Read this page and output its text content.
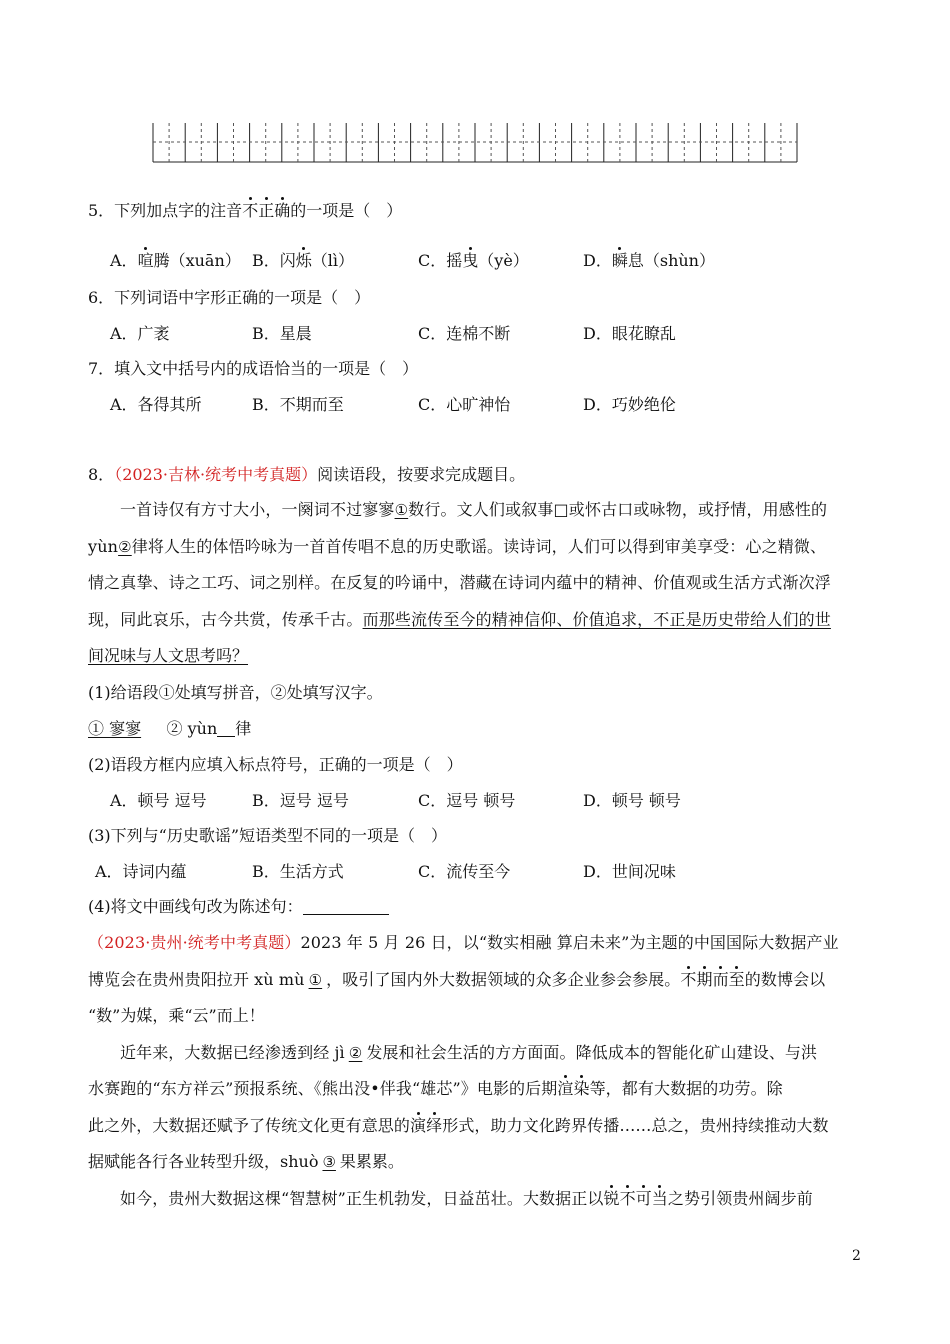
5．下列加点字的注音不正确的一项是（　）
A．喧腾（xuān） B．闪烁（lì）	C．摇曳（yè）	D．瞬息（shùn）
6．下列词语中字形正确的一项是（　）
A．广袤	B．星晨	C．连棉不断	D．眼花瞭乱
7．填入文中括号内的成语恰当的一项是（　）
A．各得其所	B．不期而至	C．心旷神怡	D．巧妙绝伦
8．（2023·吉林·统考中考真题）阅读语段，按要求完成题目。
一首诗仅有方寸大小，一阕词不过寥寥①数行。文人们或叙事□或怀古口或咏物，或抒情，用感性的
yùn②律将人生的体悟吟咏为一首首传唱不息的历史歌谣。读诗词，人们可以得到审美享受：心之精微、
情之真挚、诗之工巧、词之别样。在反复的吟诵中，潜藏在诗词内蕴中的精神、价值观或生活方式渐次浮
现，同此哀乐，古今共赏，传承千古。而那些流传至今的精神信仰、价值追求，不正是历史带给人们的世
间况味与人文思考吗？
(1)给语段①处填写拼音，②处填写汉字。
① 寥寥 ② yùn 律
(2)语段方框内应填入标点符号，正确的一项是（　）
A．顿号 逗号	B．逗号 逗号	C．逗号 顿号	D．顿号 顿号
(3)下列与“历史歌谣”短语类型不同的一项是（　）
A．诗词内蕴	B．生活方式	C．流传至今	D．世间况味
(4)将文中画线句改为陈述句：
（2023·贵州·统考中考真题）2023 年 5 月 26 日，以“数实相融 算启未来”为主题的中国国际大数据产业
博览会在贵州贵阳拉开 xù mù ① ，吸引了国内外大数据领域的众多企业参会参展。不期而至的数博会以
“数”为媒，乘“云”而上！
近年来，大数据已经渗透到经 jì ② 发展和社会生活的方方面面。降低成本的智能化矿山建设、与洪
水赛跑的“东方祥云”预报系统、《熊出没•伴我“雄芯”》电影的后期渲染等，都有大数据的功劳。除
此之外，大数据还赋予了传统文化更有意思的演绎形式，助力文化跨界传播……总之，贵州持续推动大数
据赋能各行各业转型升级，shuò ③ 果累累。
如今，贵州大数据这棵“智慧树”正生机勃发，日益茁壮。大数据正以锐不可当之势引领贵州阔步前
2
